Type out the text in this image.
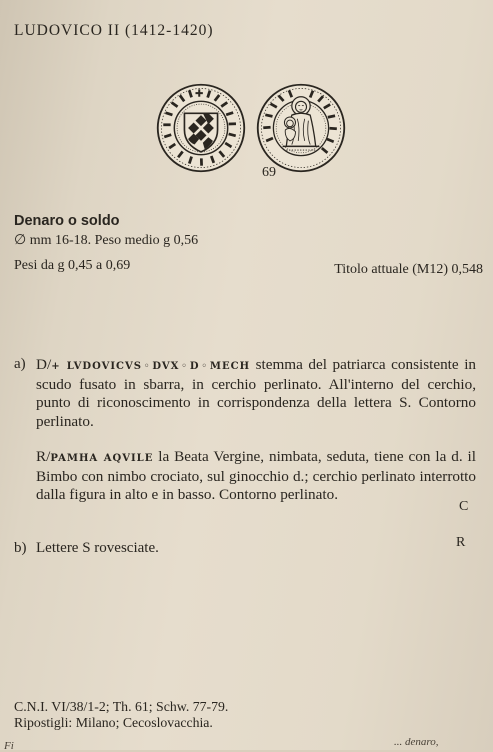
LUDOVICO II (1412-1420)
69
Denaro o soldo
∅ mm 16-18. Peso medio g 0,56
Pesi da g 0,45 a 0,69	Titolo attuale (M12) 0,548
a) D/+ LVDOVICVS◦DVX◦D◦MECH stemma del patriarca consistente in scudo fusato in sbarra, in cerchio perlinato. All'interno del cerchio, punto di riconoscimento in corrispondenza della lettera S. Contorno perlinato.
R/PAMHA AQVILE la Beata Vergine, nimbata, seduta, tiene con la d. il Bimbo con nimbo crociato, sul ginocchio d.; cerchio perlinato interrotto dalla figura in alto e in basso. Contorno perlinato.
C
b) Lettere S rovesciate.	R
C.N.I. VI/38/1-2; Th. 61; Schw. 77-79.
Ripostigli: Milano; Cecoslovacchia.
Fi	... denaro,
